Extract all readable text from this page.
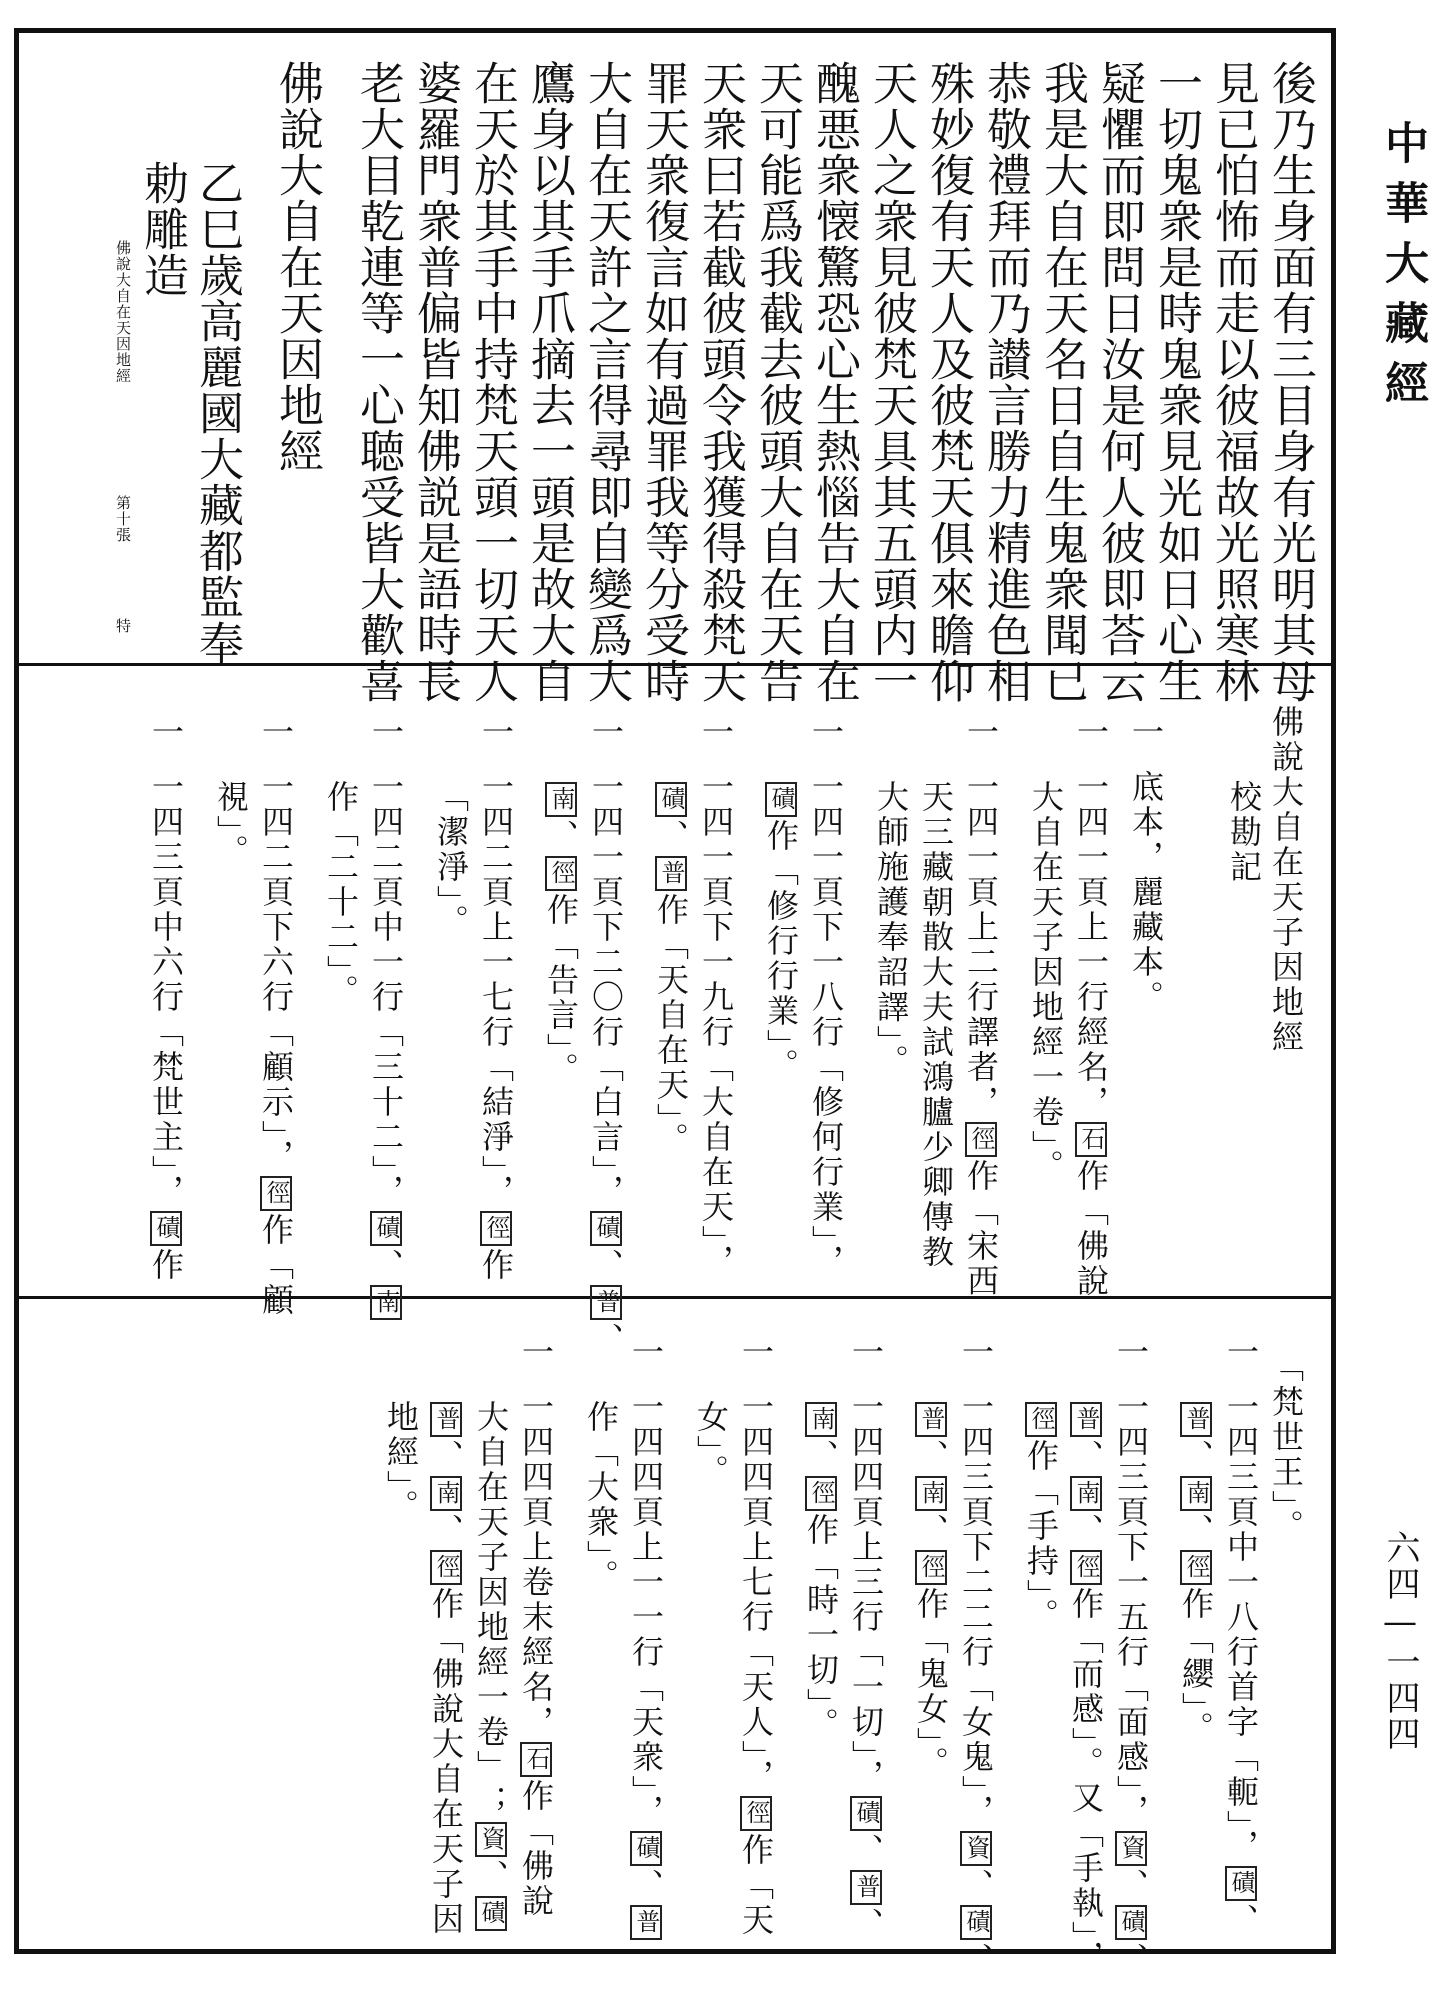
中華大藏經
六四—一四四
後乃生身面有三目身有光明其母
見已怕怖而走以彼福故光照寒林
一切鬼衆是時鬼衆見光如日心生
疑懼而即問日汝是何人彼即荅云
我是大自在天名日自生鬼衆聞已
恭敬禮拜而乃讃言勝力精進色相
殊妙復有天人及彼梵天俱來瞻仰
天人之衆見彼梵天具其五頭内一
醜悪衆懐驚恐心生熱惱告大自在
天可能爲我截去彼頭大自在天告
天衆曰若截彼頭令我獲得殺梵天
罪天衆復言如有過罪我等分受時
大自在天許之言得尋即自變爲大
鷹身以其手爪摘去一頭是故大自
在天於其手中持梵天頭一切天人
婆羅門衆普偏皆知佛説是語時長
老大目乾連等一心聴受皆大歡喜
佛說大自在天因地經
乙巳歲高麗國大藏都監奉
勅雕造
佛說大自在天因地經
第十張
特
佛說大自在天子因地經
校勘記
一
底本，麗藏本。
一
一四一頁上一行經名，石作「佛說
大自在天子因地經一卷」。
一
一四一頁上二行譯者，徑作「宋西
天三藏朝散大夫試鴻臚少卿傳教
大師施護奉詔譯」。
一
一四一頁下一八行「修何行業」，
磧作「修行行業」。
一
一四一頁下一九行「大自在天」，
磧、普作「天自在天」。
一
一四一頁下二〇行「白言」，磧、普、
南、徑作「告言」。
一
一四二頁上一七行「結淨」，徑作
「潔淨」。
一
一四二頁中一行「三十二」，磧、南
作「二十二」。
一
一四二頁下六行「顧示」，徑作「顧
視」。
一
一四三頁中六行「梵世主」，磧作
「梵世王」。
一
一四三頁中一八行首字「軛」，磧、
普、南、徑作「纓」。
一
一四三頁下一五行「面感」，資、磧、
普、南、徑作「而感」。又「手執」，
徑作「手持」。
一
一四三頁下二二行「女鬼」，資、磧、
普、南、徑作「鬼女」。
一
一四四頁上三行「一切」，磧、普、
南、徑作「時一切」。
一
一四四頁上七行「天人」，徑作「天
女」。
一
一四四頁上一一行「天衆」，磧、普
作「大衆」。
一
一四四頁上卷末經名，石作「佛說
大自在天子因地經一卷」；資、磧
普、南、徑作「佛說大自在天子因
地經」。
